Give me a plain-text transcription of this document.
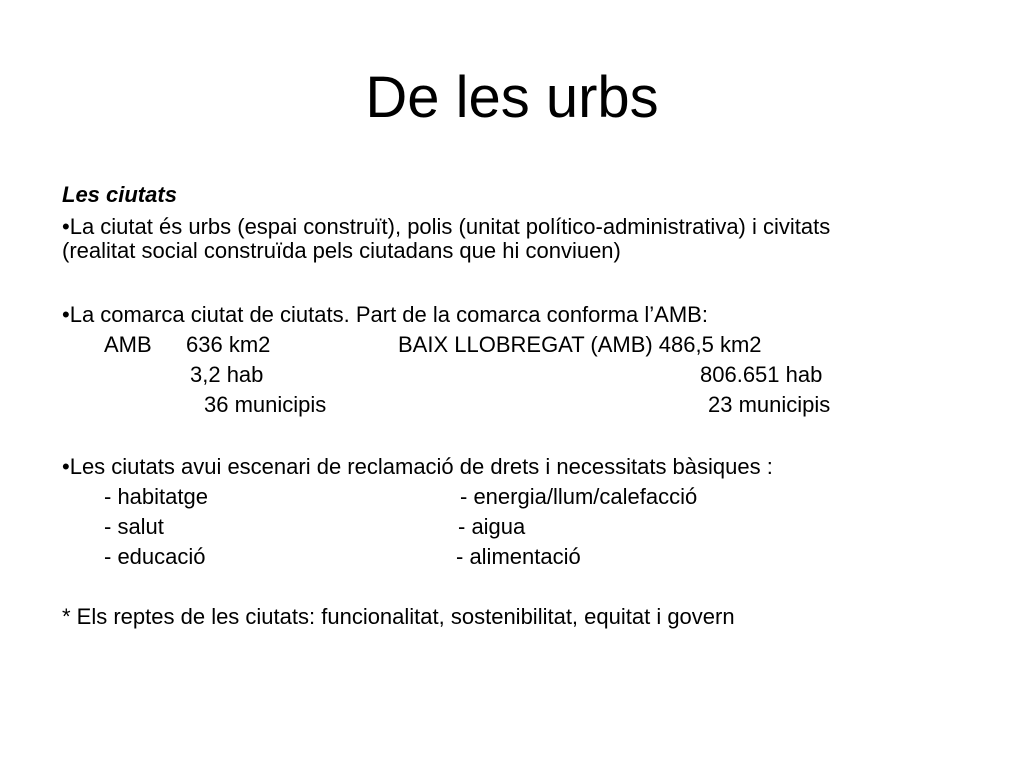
De les urbs
Les ciutats
•La ciutat és urbs (espai construït), polis (unitat político-administrativa) i civitats
(realitat social construïda pels ciutadans que hi conviuen)
•La comarca ciutat de ciutats. Part de la comarca conforma l’AMB:
AMB 636 km2	BAIX LLOBREGAT (AMB) 486,5 km2
3,2 hab	806.651 hab
36 municipis	23 municipis
•Les ciutats avui escenari de reclamació de drets i necessitats bàsiques :
- habitatge	- energia/llum/calefacció
- salut	- aigua
- educació	- alimentació
* Els reptes de les ciutats: funcionalitat, sostenibilitat, equitat i govern
